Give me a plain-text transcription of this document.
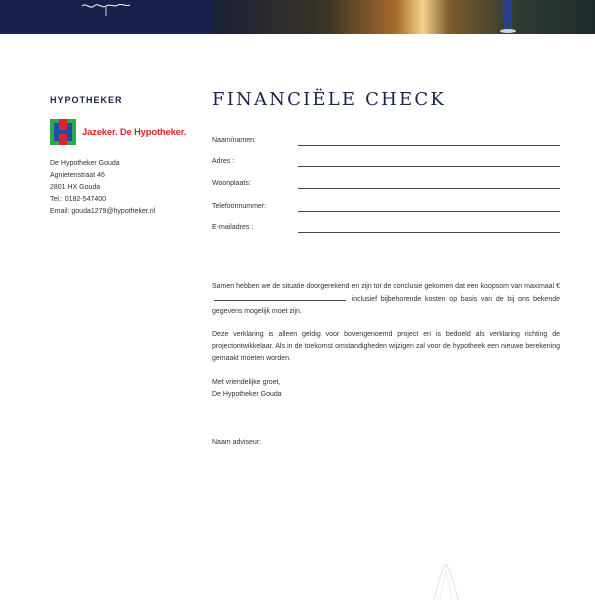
HYPOTHEKER
Jazeker. De Hypotheker.
De Hypotheker Gouda
Agnietenstraat 46
2801 HX Gouda
Tel.: 0182-547400
Email: gouda1279@hypotheker.nl
FINANCIËLE CHECK
Naam/namen:
Adres :
Woonplaats:
Telefoonnummer:
E-mailadres :
Samen hebben we de situatie doorgerekend en zijn tot de conclusie gekomen dat een koopsom van maximaal €  inclusief bijbehorende kosten op basis van de bij ons bekende gegevens mogelijk moet zijn.
Deze verklaring is alleen geldig voor bovengenoemd project en is bedoeld als verklaring richting de projectontwikkelaar. Als in de toekomst omstandigheden wijzigen zal voor de hypotheek een nieuwe berekening gemaakt moeten worden.
Met vriendelijke groet,
De Hypotheker Gouda
Naam adviseur:
